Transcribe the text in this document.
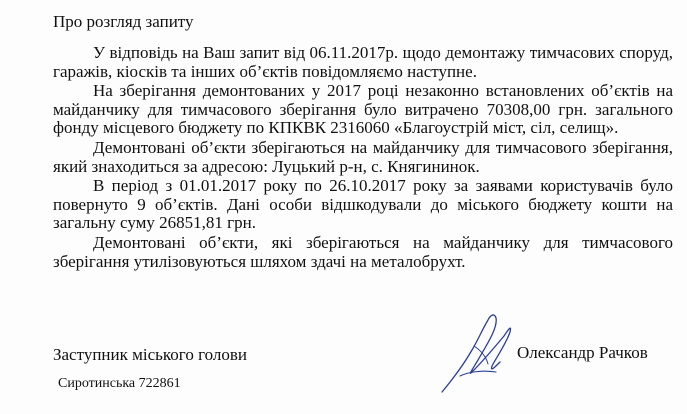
Про розгляд запиту

У відповідь на Ваш запит від 06.11.2017р. щодо демонтажу тимчасових споруд, гаражів, кіосків та інших об’єктів повідомляємо наступне.

На зберігання демонтованих у 2017 році незаконно встановлених об’єктів на майданчику для тимчасового зберігання було витрачено 70308,00 грн. загального фонду місцевого бюджету по КПКВК 2316060 «Благоустрій міст, сіл, селищ».

Демонтовані об’єкти зберігаються на майданчику для тимчасового зберігання, який знаходиться за адресою: Луцький р-н, с. Княгининок.

В період з 01.01.2017 року по 26.10.2017 року за заявами користувачів було повернуто 9 об’єктів. Дані особи відшкодували до міського бюджету кошти на загальну суму 26851,81 грн.

Демонтовані об’єкти, які зберігаються на майданчику для тимчасового зберігання утилізовуються шляхом здачі на металобрухт.

Заступник міського голови	Олександр Рачков
Сиротинська 722861
